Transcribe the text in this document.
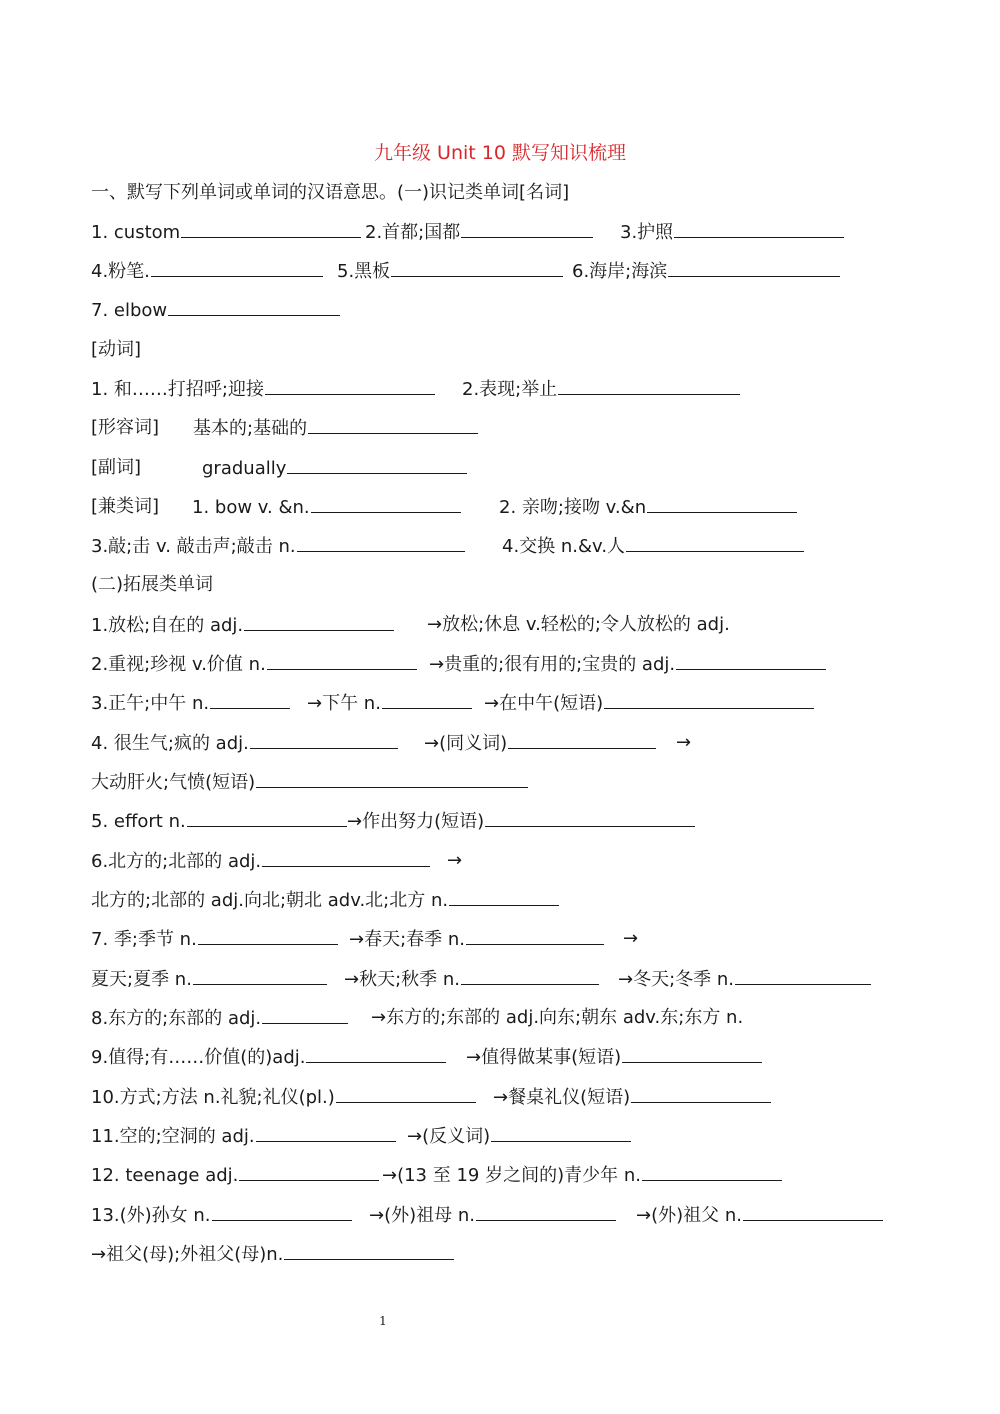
九年级 Unit 10 默写知识梳理
一、默写下列单词或单词的汉语意思。(一)识记类单词[名词]
1. custom	2.首都;国都	3.护照
4.粉笔.	5.黑板	6.海岸;海滨
7. elbow
[动词]
1. 和……打招呼;迎接	2.表现;举止
[形容词] 基本的;基础的
[副词]	gradually
[兼类词] 1. bow v. &n.	2. 亲吻;接吻 v.&n
3.敲;击 v. 敲击声;敲击 n.	4.交换 n.&v.人
(二)拓展类单词
1.放松;自在的 adj.	→放松;休息 v.轻松的;令人放松的 adj.
2.重视;珍视 v.价值 n.	→贵重的;很有用的;宝贵的 adj.
3.正午;中午 n.	→下午 n.	→在中午(短语)
4. 很生气;疯的 adj.	→(同义词)	→
大动肝火;气愤(短语)
5. effort n.	→作出努力(短语)
6.北方的;北部的 adj.	→
北方的;北部的 adj.向北;朝北 adv.北;北方 n.
7. 季;季节 n.	→春天;春季 n.	→
夏天;夏季 n.	→秋天;秋季 n.	→冬天;冬季 n.
8.东方的;东部的 adj.	→东方的;东部的 adj.向东;朝东 adv.东;东方 n.
9.值得;有……价值(的)adj.	→值得做某事(短语)
10.方式;方法 n.礼貌;礼仪(pl.)	→餐桌礼仪(短语)
11.空的;空洞的 adj.	→(反义词)
12. teenage adj.	→(13 至 19 岁之间的)青少年 n.
13.(外)孙女 n.	→(外)祖母 n.	→(外)祖父 n.
→祖父(母);外祖父(母)n.
1
